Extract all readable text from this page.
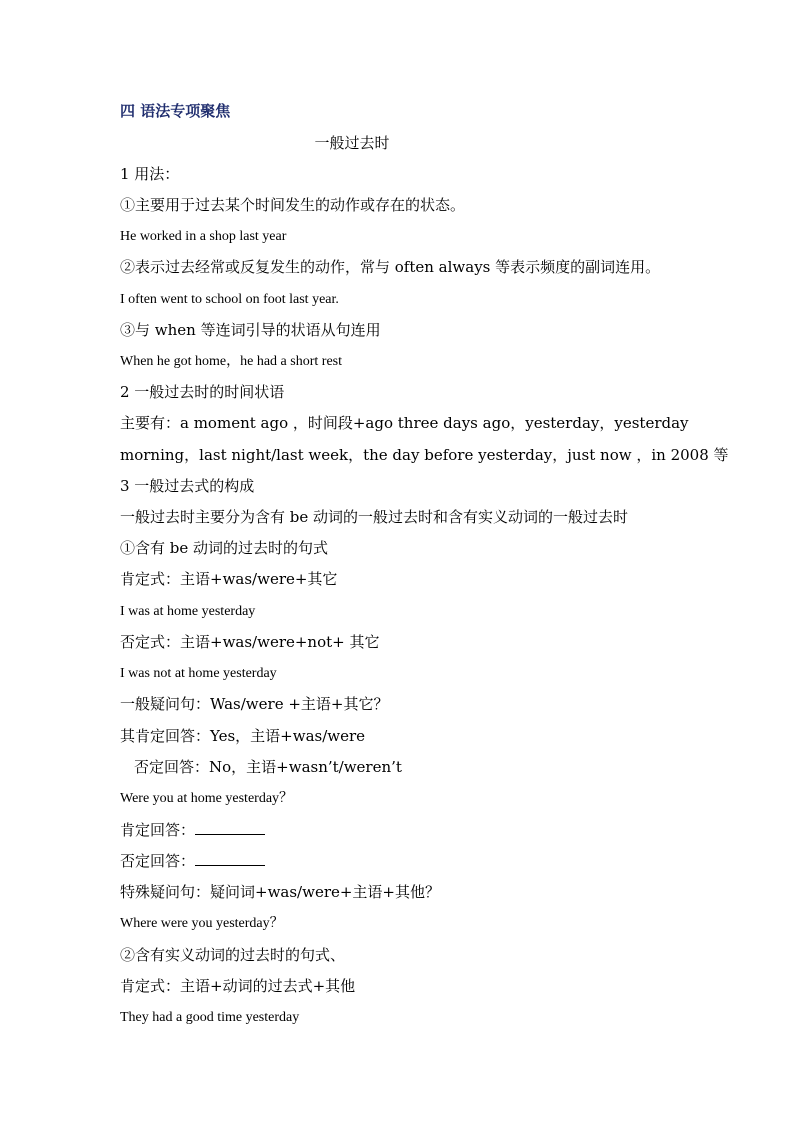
四 语法专项聚焦
一般过去时
1 用法：
①主要用于过去某个时间发生的动作或存在的状态。
He worked in a shop last year
②表示过去经常或反复发生的动作，常与 often always 等表示频度的副词连用。
I often went to school on foot last year.
③与 when 等连词引导的状语从句连用
When he got home，he had a short rest
2 一般过去时的时间状语
主要有：a moment ago ，时间段+ago three days ago，yesterday，yesterday
morning，last night/last week，the day before yesterday，just now ，in 2008 等
3 一般过去式的构成
一般过去时主要分为含有 be 动词的一般过去时和含有实义动词的一般过去时
①含有 be 动词的过去时的句式
肯定式：主语+was/were+其它
I was at home yesterday
否定式：主语+was/were+not+ 其它
I was not at home yesterday
一般疑问句：Was/were +主语+其它？
其肯定回答：Yes，主语+was/were
否定回答：No，主语+wasn’t/weren’t
Were you at home yesterday？
肯定回答：
否定回答：
特殊疑问句：疑问词+was/were+主语+其他？
Where were you yesterday？
②含有实义动词的过去时的句式、
肯定式：主语+动词的过去式+其他
They had a good time yesterday
